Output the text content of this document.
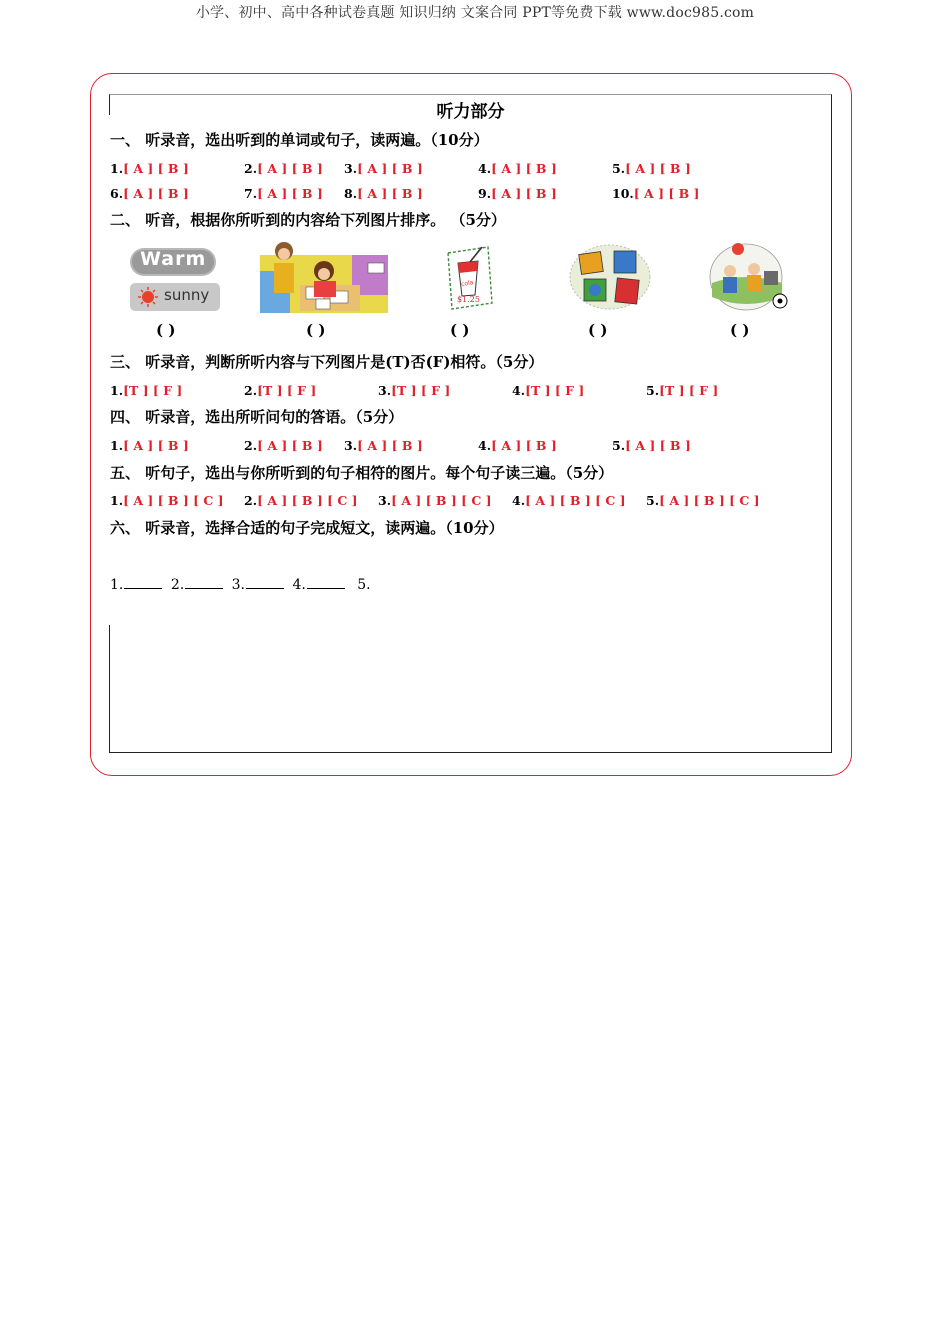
小学、初中、高中各种试卷真题 知识归纳 文案合同 PPT等免费下载 www.doc985.com
听力部分
一、 听录音，选出听到的单词或句子，读两遍。（10分）
1.[ A ] [ B ]	2.[ A ] [ B ] 3.[ A ] [ B ]	4.[ A ] [ B ]	5.[ A ] [ B ]
6.[ A ] [ B ]	7.[ A ] [ B ] 8.[ A ] [ B ]	9.[ A ] [ B ]	10.[ A ] [ B ]
二、 听音，根据你所听到的内容给下列图片排序。 （5分）
Warm
sunny
cola
$1.25
( )	( )	( )	( )	( )
三、 听录音，判断所听内容与下列图片是(T)否(F)相符。（5分）
1.[T ] [ F ]	2.[T ] [ F ]	3.[T ] [ F ]	4.[T ] [ F ]	5.[T ] [ F ]
四、 听录音，选出所听问句的答语。（5分）
1.[ A ] [ B ]	2.[ A ] [ B ] 3.[ A ] [ B ]	4.[ A ] [ B ]	5.[ A ] [ B ]
五、 听句子，选出与你所听到的句子相符的图片。每个句子读三遍。（5分）
1.[ A ] [ B ] [ C ] 2.[ A ] [ B ] [ C ] 3.[ A ] [ B ] [ C ] 4.[ A ] [ B ] [ C ] 5.[ A ] [ B ] [ C ]
六、 听录音，选择合适的句子完成短文，读两遍。（10分）
1.	2.	3.	4.	5.
